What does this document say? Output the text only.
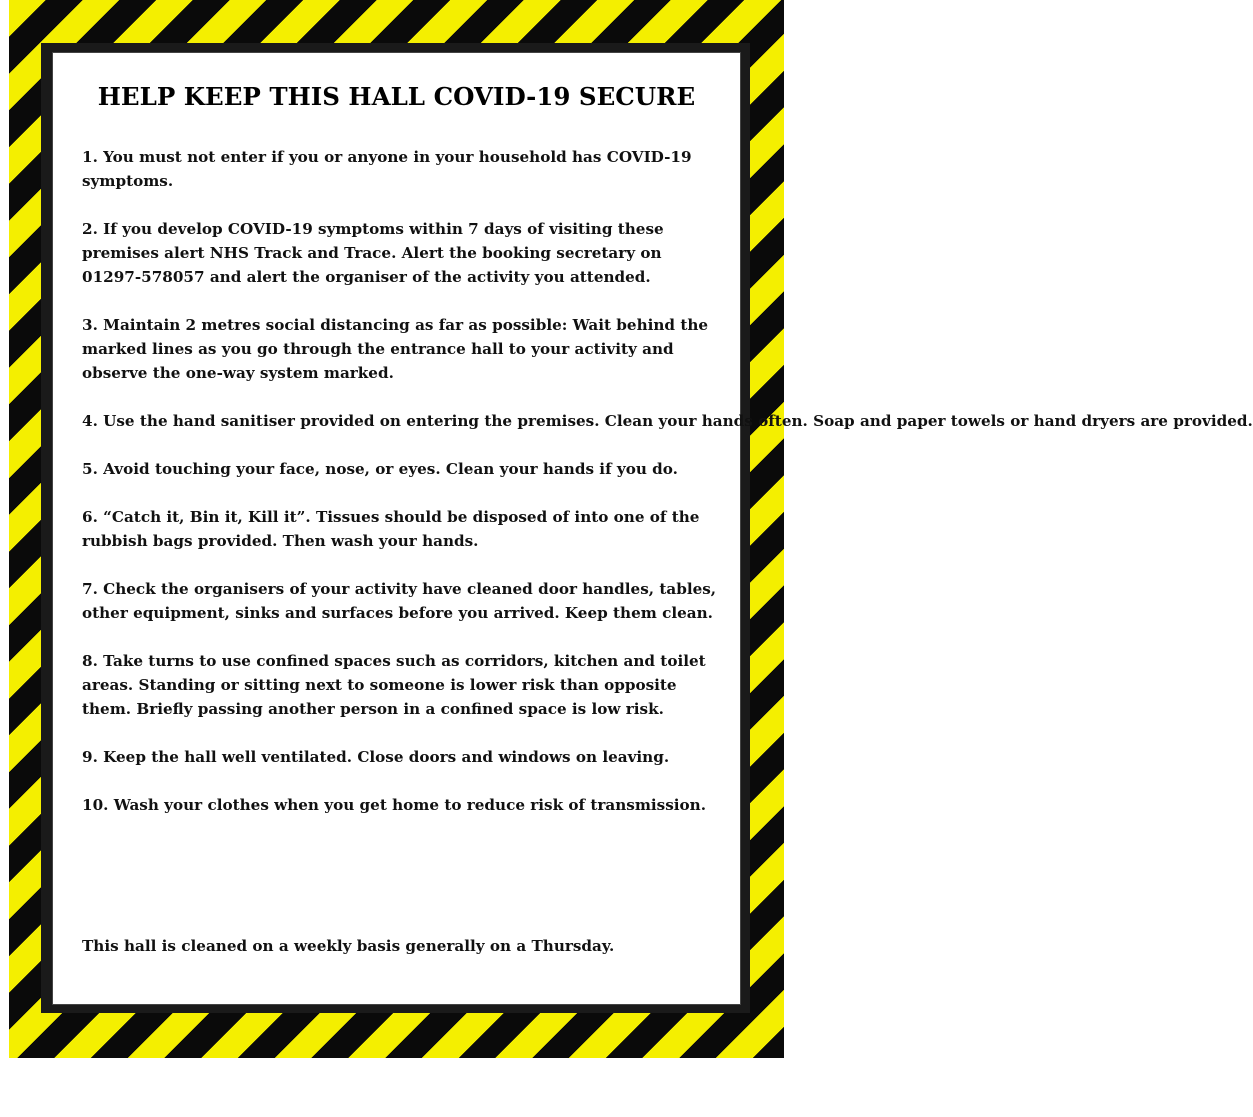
HELP KEEP THIS HALL COVID-19 SECURE
1. You must not enter if you or anyone in your household has COVID-19 symptoms.
2. If you develop COVID-19 symptoms within 7 days of visiting these premises alert NHS Track and Trace. Alert the booking secretary on 01297-578057 and alert the organiser of the activity you attended.
3. Maintain 2 metres social distancing as far as possible: Wait behind the marked lines as you go through the entrance hall to your activity and observe the one-way system marked.
4. Use the hand sanitiser provided on entering the premises. Clean your hands often. Soap and paper towels or hand dryers are provided.
5. Avoid touching your face, nose, or eyes. Clean your hands if you do.
6. “Catch it, Bin it, Kill it”. Tissues should be disposed of into one of the rubbish bags provided. Then wash your hands.
7. Check the organisers of your activity have cleaned door handles, tables, other equipment, sinks and surfaces before you arrived. Keep them clean.
8. Take turns to use confined spaces such as corridors, kitchen and toilet areas. Standing or sitting next to someone is lower risk than opposite them. Briefly passing another person in a confined space is low risk.
9. Keep the hall well ventilated. Close doors and windows on leaving.
10. Wash your clothes when you get home to reduce risk of transmission.

This hall is cleaned on a weekly basis generally on a Thursday.
